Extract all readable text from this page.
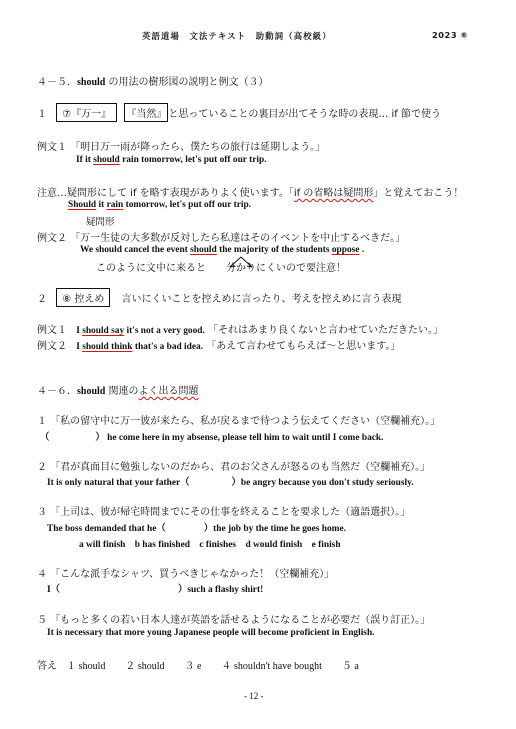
英語道場　文法テキスト　助動詞（高校級）	2023 ⑥
４－５．should の用法の樹形図の説明と例文（３）
１ ⑦『万一』 『当然』 と思っていることの裏目が出てそうな時の表現… if 節で使う
例文１ 「明日万一雨が降ったら、僕たちの旅行は延期しよう。」
If it should rain tomorrow, let's put off our trip.
注意…疑問形にして if を略す表現がありよく使います。「if の省略は疑問形」と覚えておこう！
Should it rain tomorrow, let's put off our trip.
疑問形
例文２ 「万一生徒の大多数が反対したら私達はそのイベントを中止するべきだ。」
We should cancel the event should the majority of the students oppose .
このように文中に来ると 分かりにくいので要注意！
２ ⑧ 控えめ 言いにくいことを控えめに言ったり、考えを控えめに言う表現
例文１ I should say it's not a very good. 「それはあまり良くないと言わせていただきたい。」
例文２ I should think that's a bad idea. 「あえて言わせてもらえば～と思います。」
４－６．should 関連のよく出る問題
１ 「私の留守中に万一彼が来たら、私が戻るまで待つよう伝えてください（空欄補充）。」
（	） he come here in my absense, please tell him to wait until I come back.
２ 「君が真面目に勉強しないのだから、君のお父さんが怒るのも当然だ（空欄補充）。」
It is only natural that your father（	）be angry because you don't study seriously.
３ 「上司は、彼が帰宅時間までにその仕事を終えることを要求した（適語選択）。」
The boss demanded that he（	）the job by the time he goes home.
a will finish　b has finished　c finishes　d would finish　e finish
４ 「こんな派手なシャツ、買うべきじゃなかった！（空欄補充）」
I（	）such a flashy shirt!
５ 「もっと多くの若い日本人達が英語を話せるようになることが必要だ（誤り訂正）。」
It is necessary that more young Japanese people will become proficient in English.
答え １ should　　２ should　　３ e　　４ shouldn't have bought　　５ a
- 12 -
